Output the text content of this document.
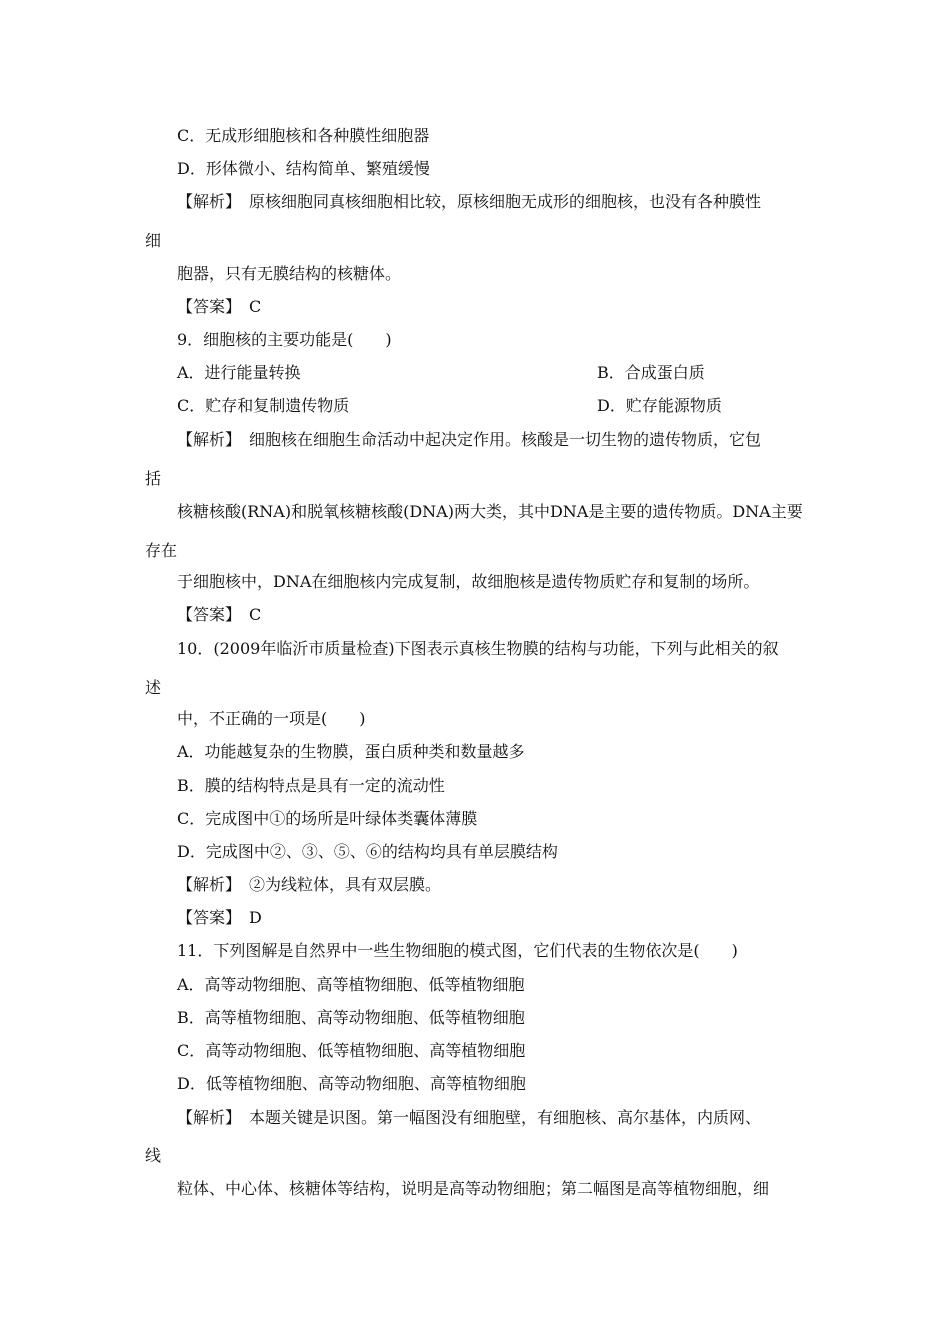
C．无成形细胞核和各种膜性细胞器
D．形体微小、结构简单、繁殖缓慢
【解析】　原核细胞同真核细胞相比较，原核细胞无成形的细胞核，也没有各种膜性
细
胞器，只有无膜结构的核糖体。
【答案】　C
9．细胞核的主要功能是(　　)
A．进行能量转换	B．合成蛋白质
C．贮存和复制遗传物质	D．贮存能源物质
【解析】　细胞核在细胞生命活动中起决定作用。核酸是一切生物的遗传物质，它包
括
核糖核酸(RNA)和脱氧核糖核酸(DNA)两大类，其中DNA是主要的遗传物质。DNA主要
存在
于细胞核中，DNA在细胞核内完成复制，故细胞核是遗传物质贮存和复制的场所。
【答案】　C
10．(2009年临沂市质量检查)下图表示真核生物膜的结构与功能，下列与此相关的叙
述
中，不正确的一项是(　　)
A．功能越复杂的生物膜，蛋白质种类和数量越多
B．膜的结构特点是具有一定的流动性
C．完成图中①的场所是叶绿体类囊体薄膜
D．完成图中②、③、⑤、⑥的结构均具有单层膜结构
【解析】　②为线粒体，具有双层膜。
【答案】　D
11．下列图解是自然界中一些生物细胞的模式图，它们代表的生物依次是(　　)
A．高等动物细胞、高等植物细胞、低等植物细胞
B．高等植物细胞、高等动物细胞、低等植物细胞
C．高等动物细胞、低等植物细胞、高等植物细胞
D．低等植物细胞、高等动物细胞、高等植物细胞
【解析】　本题关键是识图。第一幅图没有细胞壁，有细胞核、高尔基体，内质网、
线
粒体、中心体、核糖体等结构，说明是高等动物细胞；第二幅图是高等植物细胞，细
